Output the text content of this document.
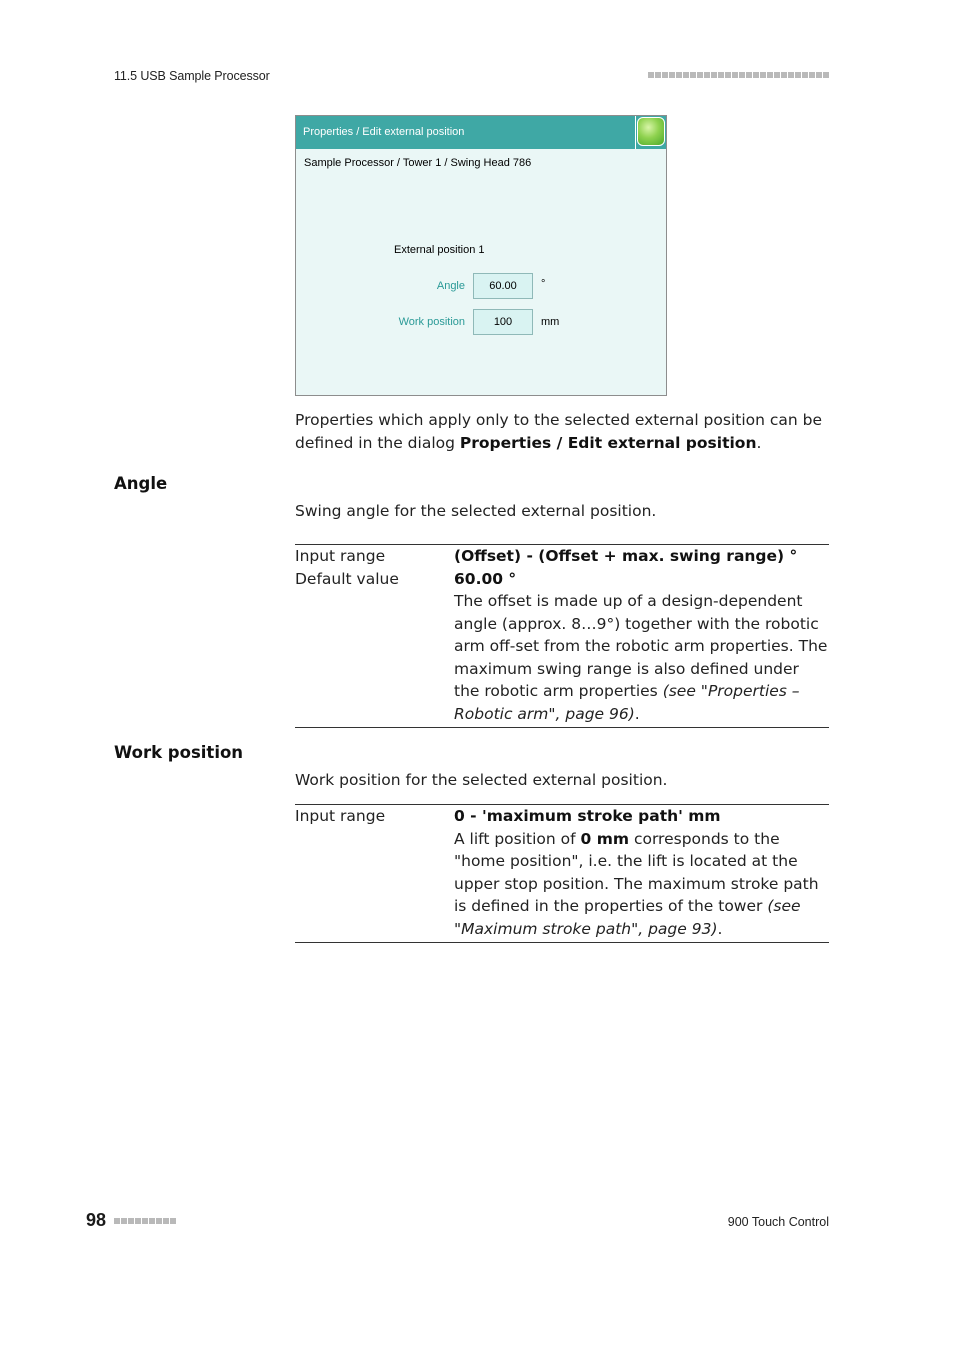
11.5 USB Sample Processor
Properties / Edit external position
Sample Processor / Tower 1 / Swing Head 786
External position 1
Angle	60.00	°
Work position	100	mm
Properties which apply only to the selected external position can be defined in the dialog Properties / Edit external position.
Angle
Swing angle for the selected external position.
Input range	(Offset) - (Offset + max. swing range) °
Default value	60.00 °
The offset is made up of a design-dependent angle (approx. 8…9°) together with the robotic arm off-set from the robotic arm properties. The maximum swing range is also defined under the robotic arm properties (see "Properties – Robotic arm", page 96).
Work position
Work position for the selected external position.
Input range	0 - 'maximum stroke path' mm
A lift position of 0 mm corresponds to the "home position", i.e. the lift is located at the upper stop position. The maximum stroke path is defined in the properties of the tower (see "Maximum stroke path", page 93).
98	900 Touch Control
